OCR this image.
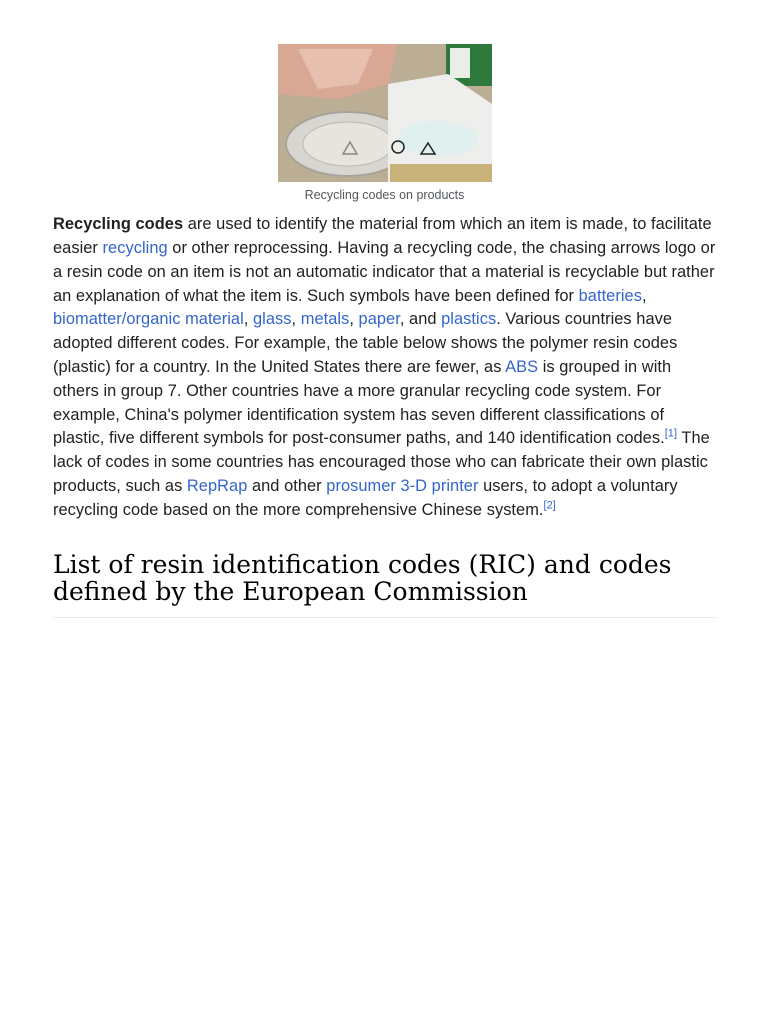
Recycling codes on products

Recycling codes are used to identify the material from which an item is made, to facilitate easier recycling or other reprocessing. Having a recycling code, the chasing arrows logo or a resin code on an item is not an automatic indicator that a material is recyclable but rather an explanation of what the item is. Such symbols have been defined for batteries, biomatter/organic material, glass, metals, paper, and plastics. Various countries have adopted different codes. For example, the table below shows the polymer resin codes (plastic) for a country. In the United States there are fewer, as ABS is grouped in with others in group 7. Other countries have a more granular recycling code system. For example, China's polymer identification system has seven different classifications of plastic, five different symbols for post-consumer paths, and 140 identification codes.[1] The lack of codes in some countries has encouraged those who can fabricate their own plastic products, such as RepRap and other prosumer 3-D printer users, to adopt a voluntary recycling code based on the more comprehensive Chinese system.[2]

List of resin identification codes (RIC) and codes defined by the European Commission
